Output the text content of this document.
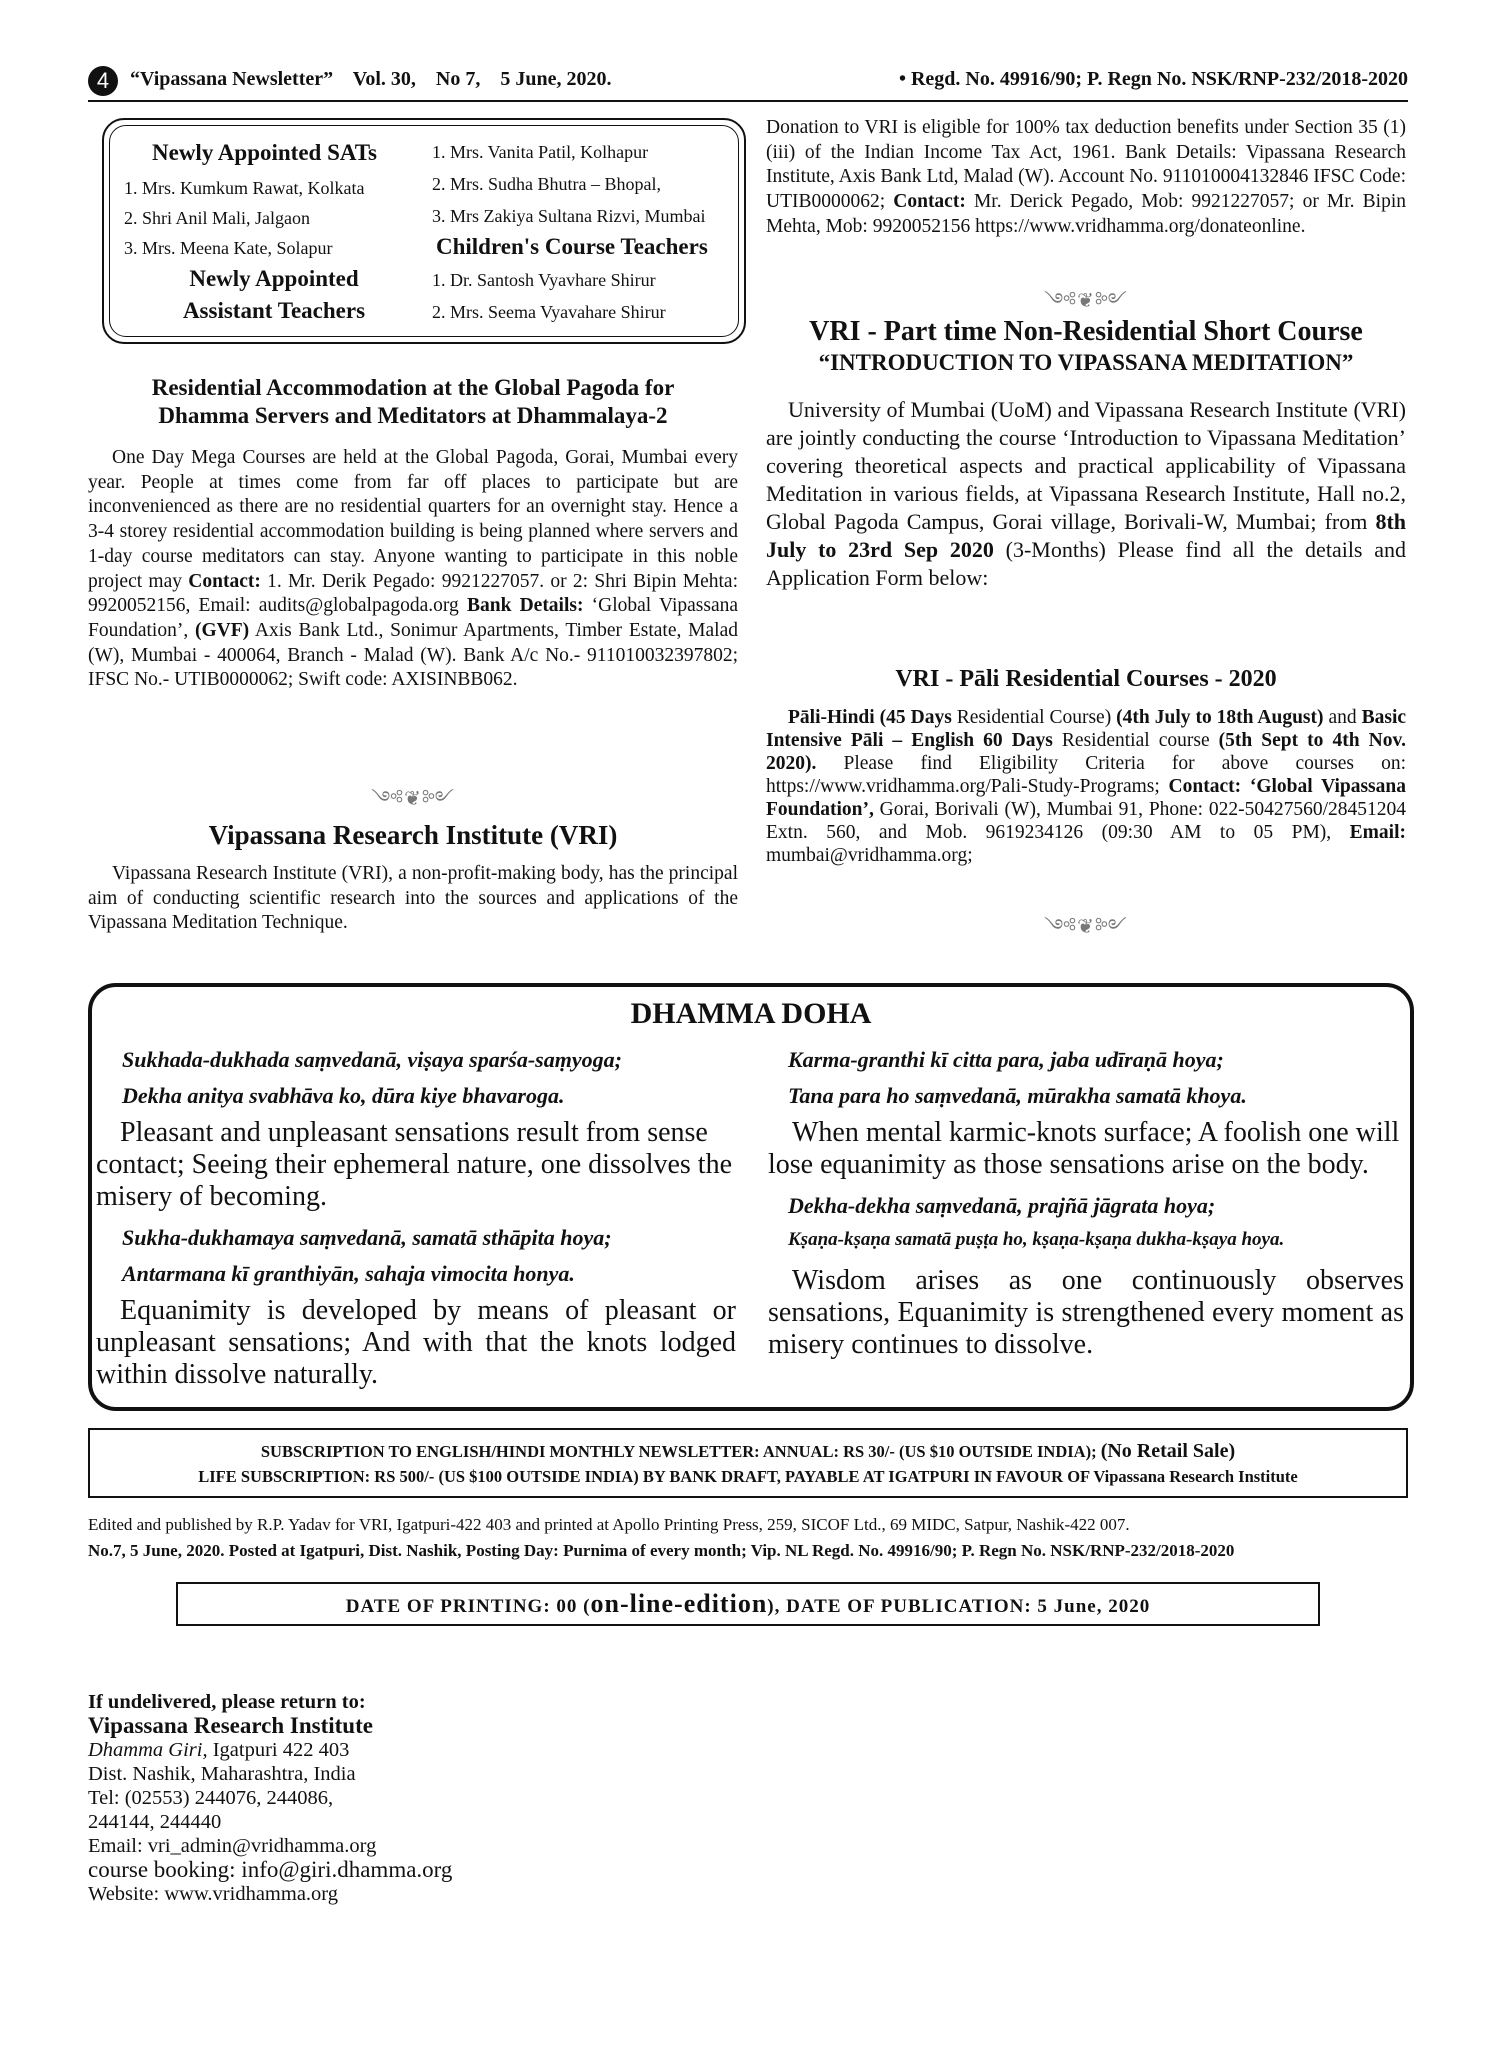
4	“Vipassana Newsletter”    Vol. 30,    No 7,    5 June, 2020.	• Regd. No. 49916/90; P. Regn No. NSK/RNP-232/2018-2020
Newly Appointed SATs
1. Mrs. Kumkum Rawat, Kolkata
2. Shri Anil Mali, Jalgaon
3. Mrs. Meena Kate, Solapur
Newly Appointed
Assistant Teachers
1. Mrs. Vanita Patil, Kolhapur
2. Mrs. Sudha Bhutra – Bhopal,
3. Mrs Zakiya Sultana Rizvi, Mumbai
Children's Course Teachers
1. Dr. Santosh Vyavhare Shirur
2. Mrs. Seema Vyavahare Shirur
Residential Accommodation at the Global Pagoda for
Dhamma Servers and Meditators at Dhammalaya-2
One Day Mega Courses are held at the Global Pagoda, Gorai, Mumbai every year. People at times come from far off places to participate but are inconvenienced as there are no residential quarters for an overnight stay. Hence a 3-4 storey residential accommodation building is being planned where servers and 1-day course meditators can stay. Anyone wanting to participate in this noble project may Contact: 1. Mr. Derik Pegado: 9921227057. or 2: Shri Bipin Mehta: 9920052156, Email: audits@globalpagoda.org Bank Details: ‘Global Vipassana Foundation’, (GVF) Axis Bank Ltd., Sonimur Apartments, Timber Estate, Malad (W), Mumbai - 400064, Branch - Malad (W). Bank A/c No.- 911010032397802; IFSC No.- UTIB0000062; Swift code: AXISINBB062.
༺❦༻
Vipassana Research Institute (VRI)
Vipassana Research Institute (VRI), a non-profit-making body, has the principal aim of conducting scientific research into the sources and applications of the Vipassana Meditation Technique.
Donation to VRI is eligible for 100% tax deduction benefits under Section 35 (1) (iii) of the Indian Income Tax Act, 1961. Bank Details: Vipassana Research Institute, Axis Bank Ltd, Malad (W). Account No. 911010004132846 IFSC Code: UTIB0000062; Contact: Mr. Derick Pegado, Mob: 9921227057; or Mr. Bipin Mehta, Mob: 9920052156 https://www.vridhamma.org/donateonline.
༺❦༻
VRI - Part time Non-Residential Short Course
“INTRODUCTION TO VIPASSANA MEDITATION”
University of Mumbai (UoM) and Vipassana Research Institute (VRI) are jointly conducting the course ‘Introduction to Vipassana Meditation’ covering theoretical aspects and practical applicability of Vipassana Meditation in various fields, at Vipassana Research Institute, Hall no.2, Global Pagoda Campus, Gorai village, Borivali-W, Mumbai; from 8th July to 23rd Sep 2020 (3-Months) Please find all the details and Application Form below:
VRI - Pāli Residential Courses - 2020
Pāli-Hindi (45 Days Residential Course) (4th July to 18th August) and Basic Intensive Pāli – English 60 Days Residential course (5th Sept to 4th Nov. 2020). Please find Eligibility Criteria for above courses on: https://www.vridhamma.org/Pali-Study-Programs; Contact: ‘Global Vipassana Foundation’, Gorai, Borivali (W), Mumbai 91, Phone: 022-50427560/28451204 Extn. 560, and Mob. 9619234126 (09:30 AM to 05 PM), Email: mumbai@vridhamma.org;
༺❦༻
DHAMMA DOHA
Sukhada-dukhada saṃvedanā, viṣaya sparśa-saṃyoga;
Dekha anitya svabhāva ko, dūra kiye bhavaroga.
Pleasant and unpleasant sensations result from sense contact; Seeing their ephemeral nature, one dissolves the misery of becoming.
Sukha-dukhamaya saṃvedanā, samatā sthāpita hoya;
Antarmana kī granthiyān, sahaja vimocita honya.
Equanimity is developed by means of pleasant or unpleasant sensations; And with that the knots lodged within dissolve naturally.
Karma-granthi kī citta para, jaba udīraṇā hoya;
Tana para ho saṃvedanā, mūrakha samatā khoya.
When mental karmic-knots surface; A foolish one will lose equanimity as those sensations arise on the body.
Dekha-dekha saṃvedanā, prajñā jāgrata hoya;
Kṣaṇa-kṣaṇa samatā puṣṭa ho, kṣaṇa-kṣaṇa dukha-kṣaya hoya.
Wisdom arises as one continuously observes sensations, Equanimity is strengthened every moment as misery continues to dissolve.
SUBSCRIPTION TO ENGLISH/HINDI MONTHLY NEWSLETTER: ANNUAL: RS 30/- (US $10 OUTSIDE INDIA); (No Retail Sale)
LIFE SUBSCRIPTION: RS 500/- (US $100 OUTSIDE INDIA) BY BANK DRAFT, PAYABLE AT IGATPURI IN FAVOUR OF Vipassana Research Institute
Edited and published by R.P. Yadav for VRI, Igatpuri-422 403 and printed at Apollo Printing Press, 259, SICOF Ltd., 69 MIDC, Satpur, Nashik-422 007.
No.7, 5 June, 2020. Posted at Igatpuri, Dist. Nashik, Posting Day: Purnima of every month; Vip. NL Regd. No. 49916/90; P. Regn No. NSK/RNP-232/2018-2020
DATE OF PRINTING: 00 (on-line-edition), DATE OF PUBLICATION: 5 June, 2020
If undelivered, please return to:
Vipassana Research Institute
Dhamma Giri, Igatpuri 422 403
Dist. Nashik, Maharashtra, India
Tel: (02553) 244076, 244086,
244144, 244440
Email: vri_admin@vridhamma.org
course booking: info@giri.dhamma.org
Website: www.vridhamma.org
